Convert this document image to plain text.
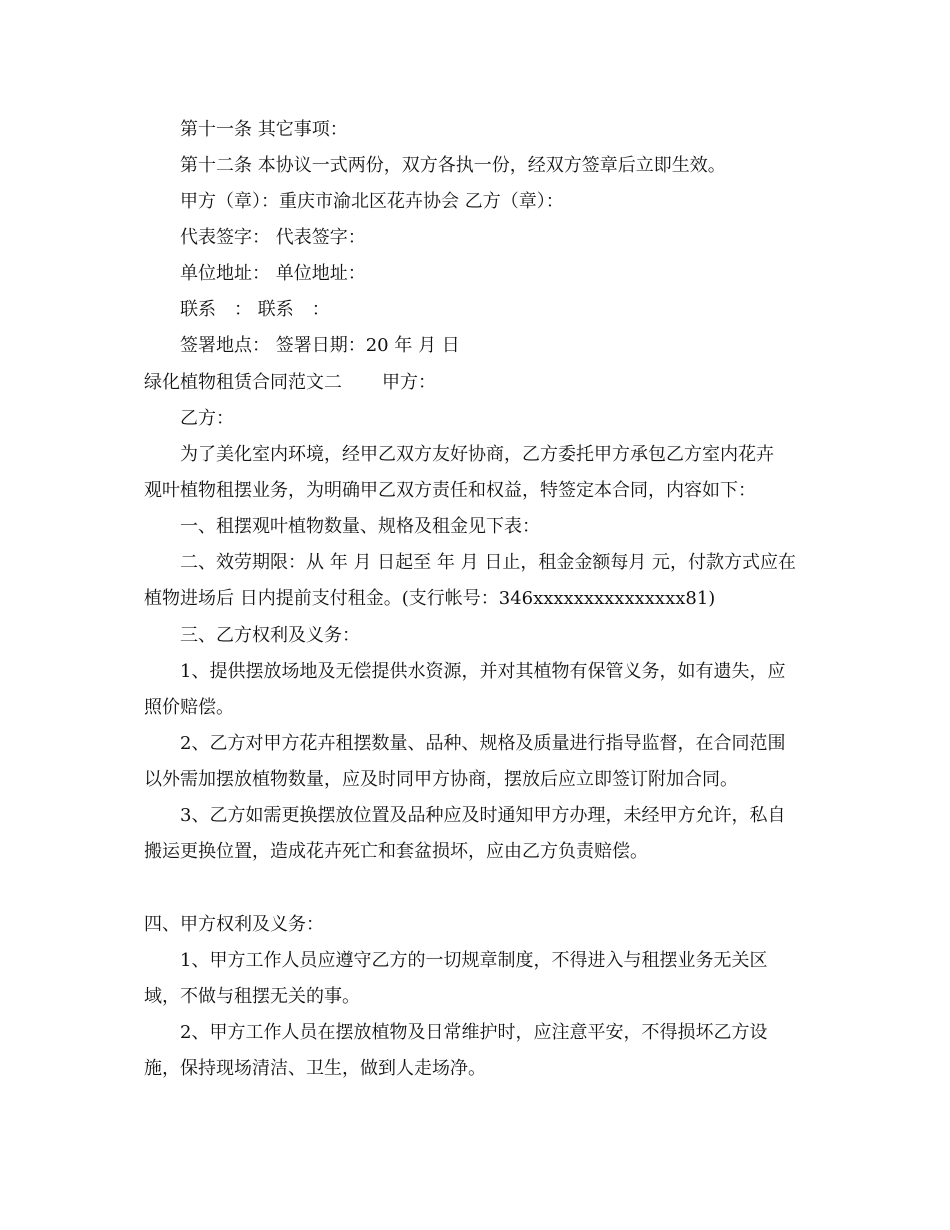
第十一条 其它事项：
第十二条 本协议一式两份，双方各执一份，经双方签章后立即生效。
甲方（章）：重庆市渝北区花卉协会 乙方（章）：
代表签字： 代表签字：
单位地址： 单位地址：
联系　： 联系　：
签署地点： 签署日期：20 年 月 日
绿化植物租赁合同范文二 甲方：
乙方：
为了美化室内环境，经甲乙双方友好协商，乙方委托甲方承包乙方室内花卉
观叶植物租摆业务，为明确甲乙双方责任和权益，特签定本合同，内容如下：
一、租摆观叶植物数量、规格及租金见下表：
二、效劳期限：从 年 月 日起至 年 月 日止，租金金额每月 元，付款方式应在
植物进场后 日内提前支付租金。(支行帐号：346xxxxxxxxxxxxxxx81)
三、乙方权利及义务：
1、提供摆放场地及无偿提供水资源，并对其植物有保管义务，如有遗失，应
照价赔偿。
2、乙方对甲方花卉租摆数量、品种、规格及质量进行指导监督，在合同范围
以外需加摆放植物数量，应及时同甲方协商，摆放后应立即签订附加合同。
3、乙方如需更换摆放位置及品种应及时通知甲方办理，未经甲方允许，私自
搬运更换位置，造成花卉死亡和套盆损坏，应由乙方负责赔偿。
四、甲方权利及义务：
1、甲方工作人员应遵守乙方的一切规章制度，不得进入与租摆业务无关区
域，不做与租摆无关的事。
2、甲方工作人员在摆放植物及日常维护时，应注意平安，不得损坏乙方设
施，保持现场清洁、卫生，做到人走场净。
